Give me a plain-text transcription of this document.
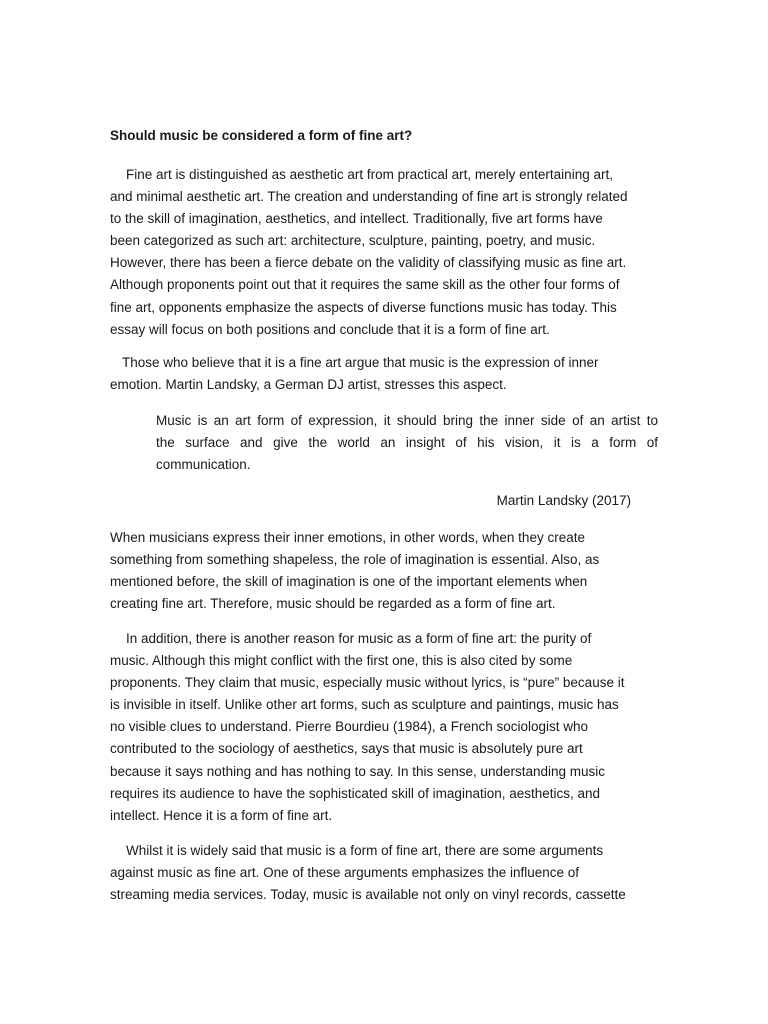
Should music be considered a form of fine art?

Fine art is distinguished as aesthetic art from practical art, merely entertaining art,
and minimal aesthetic art. The creation and understanding of fine art is strongly related
to the skill of imagination, aesthetics, and intellect. Traditionally, five art forms have
been categorized as such art: architecture, sculpture, painting, poetry, and music.
However, there has been a fierce debate on the validity of classifying music as fine art.
Although proponents point out that it requires the same skill as the other four forms of
fine art, opponents emphasize the aspects of diverse functions music has today. This
essay will focus on both positions and conclude that it is a form of fine art.

Those who believe that it is a fine art argue that music is the expression of inner
emotion. Martin Landsky, a German DJ artist, stresses this aspect.

Music is an art form of expression, it should bring the inner side of an artist to
the surface and give the world an insight of his vision, it is a form of
communication.

Martin Landsky (2017)

When musicians express their inner emotions, in other words, when they create
something from something shapeless, the role of imagination is essential. Also, as
mentioned before, the skill of imagination is one of the important elements when
creating fine art. Therefore, music should be regarded as a form of fine art.

In addition, there is another reason for music as a form of fine art: the purity of
music. Although this might conflict with the first one, this is also cited by some
proponents. They claim that music, especially music without lyrics, is “pure” because it
is invisible in itself. Unlike other art forms, such as sculpture and paintings, music has
no visible clues to understand. Pierre Bourdieu (1984), a French sociologist who
contributed to the sociology of aesthetics, says that music is absolutely pure art
because it says nothing and has nothing to say. In this sense, understanding music
requires its audience to have the sophisticated skill of imagination, aesthetics, and
intellect. Hence it is a form of fine art.

Whilst it is widely said that music is a form of fine art, there are some arguments
against music as fine art. One of these arguments emphasizes the influence of
streaming media services. Today, music is available not only on vinyl records, cassette
